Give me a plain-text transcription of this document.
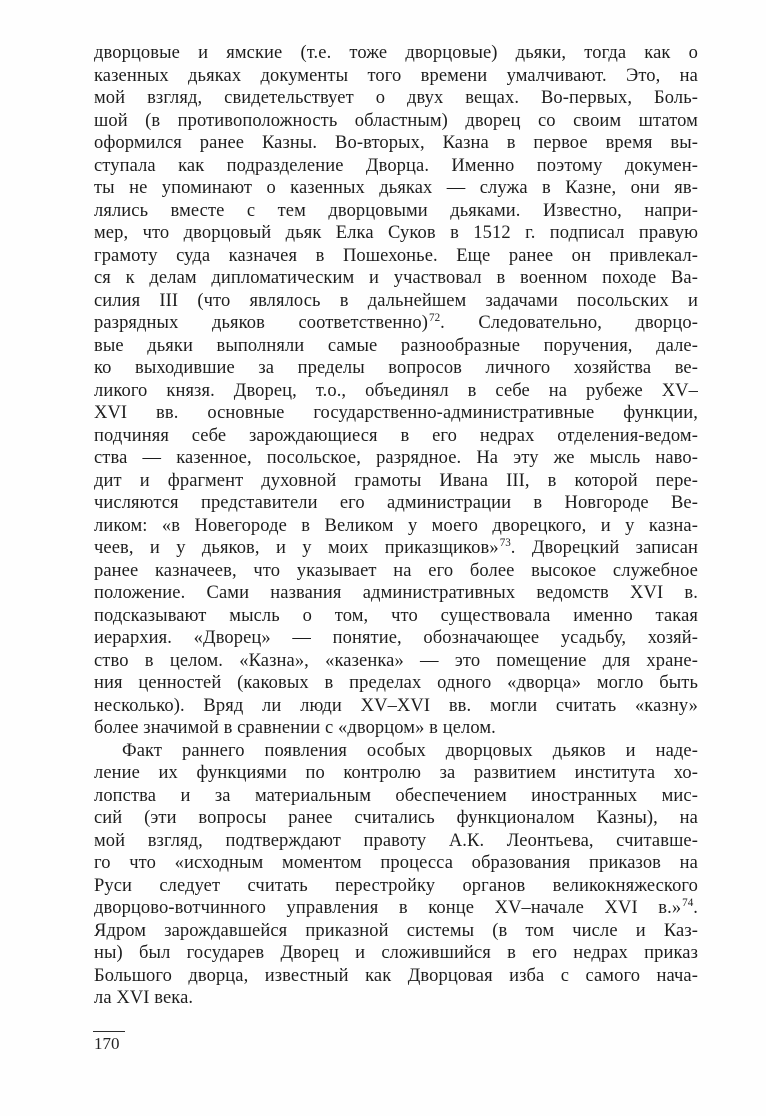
дворцовые и ямские (т.е. тоже дворцовые) дьяки, тогда как о
казенных дьяках документы того времени умалчивают. Это, на
мой взгляд, свидетельствует о двух вещах. Во-первых, Боль-
шой (в противоположность областным) дворец со своим штатом
оформился ранее Казны. Во-вторых, Казна в первое время вы-
ступала как подразделение Дворца. Именно поэтому докумен-
ты не упоминают о казенных дьяках — служа в Казне, они яв-
лялись вместе с тем дворцовыми дьяками. Известно, напри-
мер, что дворцовый дьяк Елка Суков в 1512 г. подписал правую
грамоту суда казначея в Пошехонье. Еще ранее он привлекал-
ся к делам дипломатическим и участвовал в военном походе Ва-
силия III (что являлось в дальнейшем задачами посольских и
разрядных дьяков соответственно)$^{72}$. Следовательно, дворцо-
вые дьяки выполняли самые разнообразные поручения, дале-
ко выходившие за пределы вопросов личного хозяйства ве-
ликого князя. Дворец, т.о., объединял в себе на рубеже XV–
XVI вв. основные государственно-административные функции,
подчиняя себе зарождающиеся в его недрах отделения-ведом-
ства — казенное, посольское, разрядное. На эту же мысль наво-
дит и фрагмент духовной грамоты Ивана III, в которой пере-
числяются представители его администрации в Новгороде Ве-
ликом: «в Новегороде в Великом у моего дворецкого, и у казна-
чеев, и у дьяков, и у моих приказщиков»$^{73}$. Дворецкий записан
ранее казначеев, что указывает на его более высокое служебное
положение. Сами названия административных ведомств XVI в.
подсказывают мысль о том, что существовала именно такая
иерархия. «Дворец» — понятие, обозначающее усадьбу, хозяй-
ство в целом. «Казна», «казенка» — это помещение для хране-
ния ценностей (каковых в пределах одного «дворца» могло быть
несколько). Вряд ли люди XV–XVI вв. могли считать «казну»
более значимой в сравнении с «дворцом» в целом.
Факт раннего появления особых дворцовых дьяков и наде-
ление их функциями по контролю за развитием института хо-
лопства и за материальным обеспечением иностранных мис-
сий (эти вопросы ранее считались функционалом Казны), на
мой взгляд, подтверждают правоту А.К. Леонтьева, считавше-
го что «исходным моментом процесса образования приказов на
Руси следует считать перестройку органов великокняжеского
дворцово-вотчинного управления в конце XV–начале XVI в.»$^{74}$.
Ядром зарождавшейся приказной системы (в том числе и Каз-
ны) был государев Дворец и сложившийся в его недрах приказ
Большого дворца, известный как Дворцовая изба с самого нача-
ла XVI века.
170
